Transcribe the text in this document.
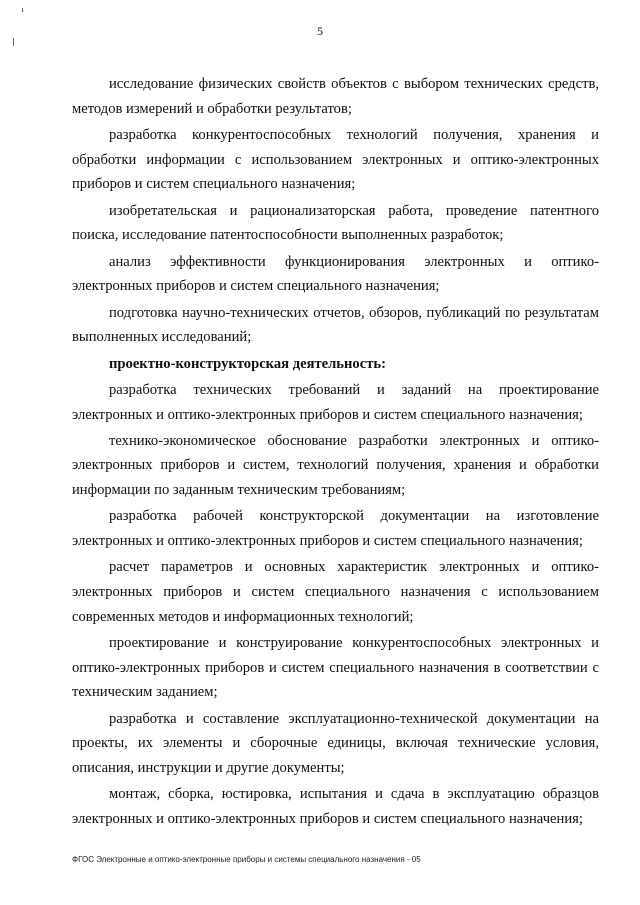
5

исследование физических свойств объектов с выбором технических средств, методов измерений и обработки результатов;

разработка конкурентоспособных технологий получения, хранения и обработки информации с использованием электронных и оптико-электронных приборов и систем специального назначения;

изобретательская и рационализаторская работа, проведение патентного поиска, исследование патентоспособности выполненных разработок;

анализ эффективности функционирования электронных и оптико-электронных приборов и систем специального назначения;

подготовка научно-технических отчетов, обзоров, публикаций по результатам выполненных исследований;

проектно-конструкторская деятельность:

разработка технических требований и заданий на проектирование электронных и оптико-электронных приборов и систем специального назначения;

технико-экономическое обоснование разработки электронных и оптико-электронных приборов и систем, технологий получения, хранения и обработки информации по заданным техническим требованиям;

разработка рабочей конструкторской документации на изготовление электронных и оптико-электронных приборов и систем специального назначения;

расчет параметров и основных характеристик электронных и оптико-электронных приборов и систем специального назначения с использованием современных методов и информационных технологий;

проектирование и конструирование конкурентоспособных электронных и оптико-электронных приборов и систем специального назначения в соответствии с техническим заданием;

разработка и составление эксплуатационно-технической документации на проекты, их элементы и сборочные единицы, включая технические условия, описания, инструкции и другие документы;

монтаж, сборка, юстировка, испытания и сдача в эксплуатацию образцов электронных и оптико-электронных приборов и систем специального назначения;

ФГОС Электронные и оптико-электронные приборы и системы специального назначения - 05
